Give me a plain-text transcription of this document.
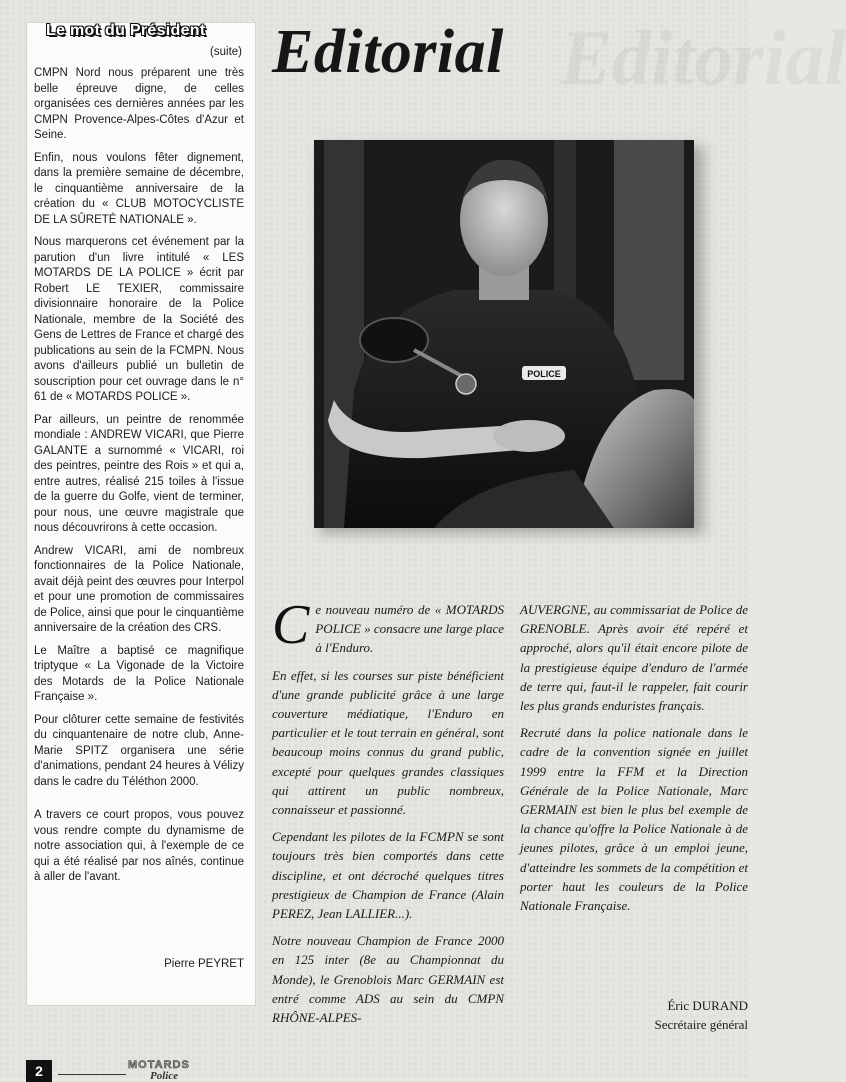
Le mot du Président
(suite)

CMPN Nord nous préparent une très belle épreuve digne, de celles organisées ces dernières années par les CMPN Provence-Alpes-Côtes d'Azur et Seine.

Enfin, nous voulons fêter dignement, dans la première semaine de décembre, le cinquantième anniversaire de la création du « CLUB MOTOCYCLISTE DE LA SÛRETÉ NATIONALE ».

Nous marquerons cet événement par la parution d'un livre intitulé « LES MOTARDS DE LA POLICE » écrit par Robert LE TEXIER, commissaire divisionnaire honoraire de la Police Nationale, membre de la Société des Gens de Lettres de France et chargé des publications au sein de la FCMPN. Nous avons d'ailleurs publié un bulletin de souscription pour cet ouvrage dans le n° 61 de « MOTARDS POLICE ».

Par ailleurs, un peintre de renommée mondiale : ANDREW VICARI, que Pierre GALANTE a surnommé « VICARI, roi des peintres, peintre des Rois » et qui a, entre autres, réalisé 215 toiles à l'issue de la guerre du Golfe, vient de terminer, pour nous, une œuvre magistrale que nous découvrirons à cette occasion.

Andrew VICARI, ami de nombreux fonctionnaires de la Police Nationale, avait déjà peint des œuvres pour Interpol et pour une promotion de commissaires de Police, ainsi que pour le cinquantième anniversaire de la création des CRS.

Le Maître a baptisé ce magnifique triptyque « La Vigonade de la Victoire des Motards de la Police Nationale Française ».

Pour clôturer cette semaine de festivités du cinquantenaire de notre club, Anne-Marie SPITZ organisera une série d'animations, pendant 24 heures à Vélizy dans le cadre du Téléthon 2000.

A travers ce court propos, vous pouvez vous rendre compte du dynamisme de notre association qui, à l'exemple de ce qui a été réalisé par nos aînés, continue à aller de l'avant.

Pierre PEYRET
Editorial
Editorial
POLICE

Ce nouveau numéro de « MOTARDS POLICE » consacre une large place à l'Enduro.

En effet, si les courses sur piste bénéficient d'une grande publicité grâce à une large couverture médiatique, l'Enduro en particulier et le tout terrain en général, sont beaucoup moins connus du grand public, excepté pour quelques grandes classiques qui attirent un public nombreux, connaisseur et passionné.

Cependant les pilotes de la FCMPN se sont toujours très bien comportés dans cette discipline, et ont décroché quelques titres prestigieux de Champion de France (Alain PEREZ, Jean LALLIER...).

Notre nouveau Champion de France 2000 en 125 inter (8e au Championnat du Monde), le Grenoblois Marc GERMAIN est entré comme ADS au sein du CMPN RHÔNE-ALPES-

AUVERGNE, au commissariat de Police de GRENOBLE. Après avoir été repéré et approché, alors qu'il était encore pilote de la prestigieuse équipe d'enduro de l'armée de terre qui, faut-il le rappeler, fait courir les plus grands enduristes français.

Recruté dans la police nationale dans le cadre de la convention signée en juillet 1999 entre la FFM et la Direction Générale de la Police Nationale, Marc GERMAIN est bien le plus bel exemple de la chance qu'offre la Police Nationale à de jeunes pilotes, grâce à un emploi jeune, d'atteindre les sommets de la compétition et porter haut les couleurs de la Police Nationale Française.

Éric DURAND
Secrétaire général
2	MOTARDS
Police
